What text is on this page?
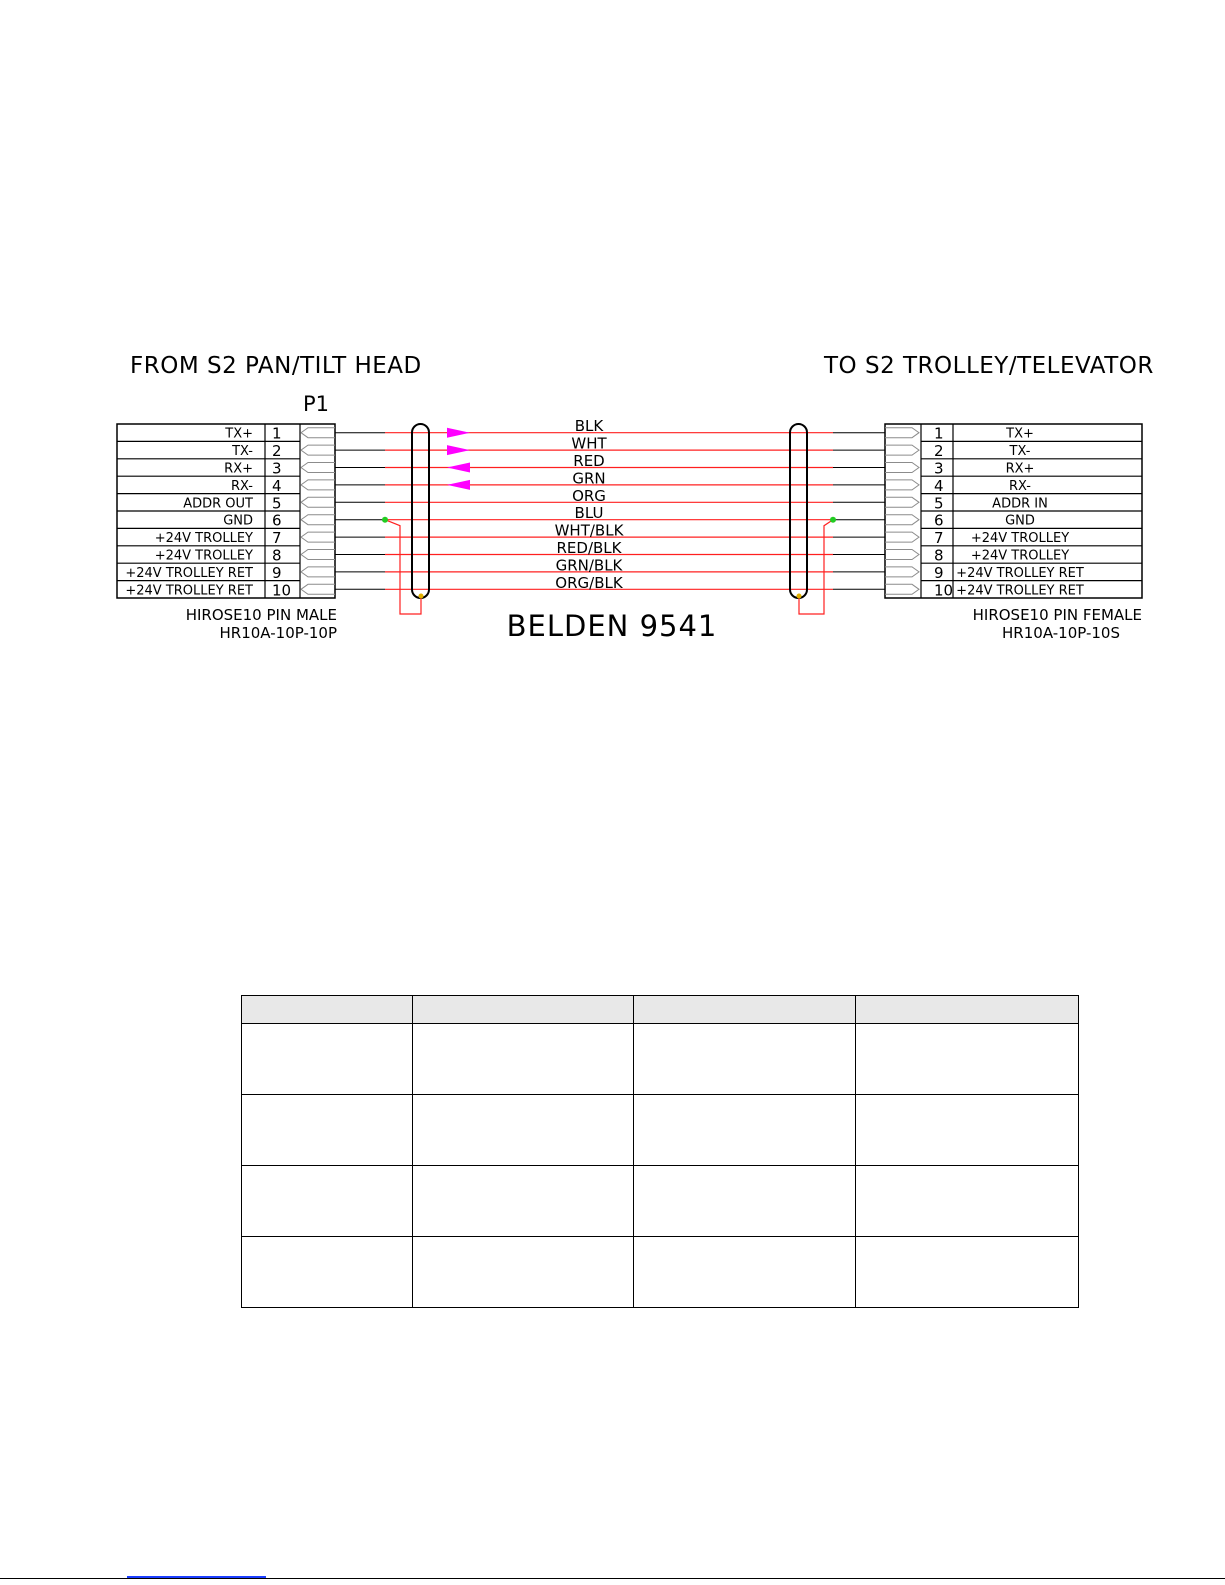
FROM S2 PAN/TILT HEAD	TO S2 TROLLEY/TELEVATOR
P1
TX+ 1	1	TX+
BLK
TX- 2	2	TX-
WHT
RX+ 3	3	RX+
RED
RX- 4	4	RX-
GRN
ADDR OUT 5	5	ADDR IN
ORG
GND 6	6	GND
BLU
+24V TROLLEY 7	7 +24V TROLLEY
WHT/BLK
+24V TROLLEY 8	8 +24V TROLLEY
RED/BLK
+24V TROLLEY RET 9	9 +24V TROLLEY RET
GRN/BLK
+24V TROLLEY RET 10	10 +24V TROLLEY RET
ORG/BLK
HIROSE10 PIN MALE
HR10A-10P-10P
HIROSE10 PIN FEMALE
HR10A-10P-10S
BELDEN 9541
